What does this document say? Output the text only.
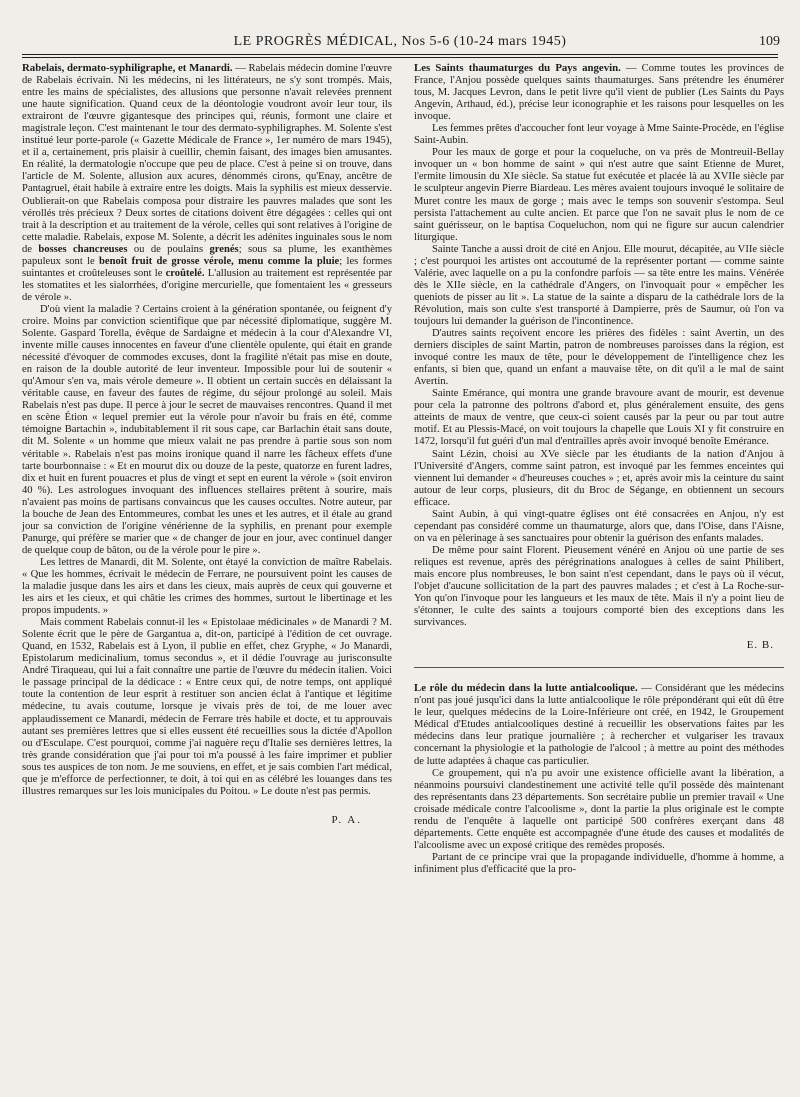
LE PROGRÈS MÉDICAL, Nos 5-6 (10-24 mars 1945)	109

Rabelais, dermato-syphiligraphe, et Manardi. — Rabelais médecin domine l'œuvre de Rabelais écrivain. Ni les médecins, ni les littérateurs, ne s'y sont trompés. Mais, entre les mains de spécialistes, des allusions que personne n'avait relevées prennent une haute signification. Quand ceux de la déontologie voudront avoir leur tour, ils extrairont de l'œuvre gigantesque des principes qui, réunis, formont une claire et magistrale leçon. C'est maintenant le tour des dermato-syphiligraphes. M. Solente s'est institué leur porte-parole (« Gazette Médicale de France », 1er numéro de mars 1945), et il a, certainement, pris plaisir à cueillir, chemin faisant, des images bien amusantes. En réalité, la dermatologie n'occupe que peu de place. C'est à peine si on trouve, dans l'article de M. Solente, allusion aux acures, dénommés cirons, qu'Enay, ancêtre de Pantagruel, était habile à extraire entre les doigts. Mais la syphilis est mieux desservie. Oublierait-on que Rabelais composa pour distraire les pauvres malades que sont les vérollés très précieux ? Deux sortes de citations doivent être dégagées : celles qui ont trait à la description et au traitement de la vérole, celles qui sont relatives à l'origine de cette maladie. Rabelais, expose M. Solente, a décrit les adénites inguinales sous le nom de bosses chancreuses ou de poulains grenés; sous sa plume, les exanthèmes papuleux sont le benoît fruit de grosse vérole, menu comme la pluie; les formes suintantes et croûteleuses sont le croûtelé. L'allusion au traitement est représentée par les stomatites et les sialorrhées, d'origine mercurielle, que fomentaient les « gresseurs de vérole ».

D'où vient la maladie ? Certains croient à la génération spontanée, ou feignent d'y croire. Moins par conviction scientifique que par nécessité diplomatique, suggère M. Solente. Gaspard Torella, évêque de Sardaigne et médecin à la cour d'Alexandre VI, invente mille causes innocentes en faveur d'une clientèle opulente, qui était en grande nécessité d'évoquer de commodes excuses, dont la fragilité n'était pas mise en doute, en raison de la double autorité de leur inventeur. Impossible pour lui de soutenir « qu'Amour s'en va, mais vérole demeure ». Il obtient un certain succès en délaissant la véritable cause, en faveur des fautes de régime, du séjour prolongé au soleil. Mais Rabelais n'est pas dupe. Il perce à jour le secret de mauvaises rencontres. Quand il met en scène Étion « lequel premier eut la vérole pour n'avoir bu frais en été, comme témoigne Bartachin », indubitablement il rit sous cape, car Barlachin était sans doute, dit M. Solente « un homme que mieux valait ne pas prendre à partie sous son nom véritable ». Rabelais n'est pas moins ironique quand il narre les fâcheux effets d'une tarte bourbonnaise : « Et en mourut dix ou douze de la peste, quatorze en furent ladres, dix et huit en furent pouacres et plus de vingt et sept en eurent la vérole » (soit environ 40 %). Les astrologues invoquant des influences stellaires prêtent à sourire, mais n'avaient pas moins de partisans convaincus que les causes occultes. Notre auteur, par la bouche de Jean des Entommeures, combat les unes et les autres, et il étale au grand jour sa conviction de l'origine vénérienne de la syphilis, en prenant pour exemple Panurge, qui préfère se marier que « de changer de jour en jour, avec continuel danger de quelque coup de bâton, ou de la vérole pour le pire ».

Les lettres de Manardi, dit M. Solente, ont étayé la conviction de maître Rabelais. « Que les hommes, écrivait le médecin de Ferrare, ne poursuivent point les causes de la maladie jusque dans les airs et dans les cieux, mais auprès de ceux qui gouverne et les airs et les cieux, et qui châtie les crimes des hommes, surtout le libertinage et les propos impudents. »

Mais comment Rabelais connut-il les « Epistolaae médicinales » de Manardi ? M. Solente écrit que le père de Gargantua a, dit-on, participé à l'édition de cet ouvrage. Quand, en 1532, Rabelais est à Lyon, il publie en effet, chez Gryphe, « Jo Manardi, Epistolarum medicinalium, tomus secondus », et il dédie l'ouvrage au jurisconsulte André Tiraqueau, qui lui a fait connaître une partie de l'œuvre du médecin italien. Voici le passage principal de la dédicace : « Entre ceux qui, de notre temps, ont appliqué toute la contention de leur esprit à restituer son ancien éclat à l'antique et légitime médecine, tu avais coutume, lorsque je vivais près de toi, de me louer avec applaudissement ce Manardi, médecin de Ferrare très habile et docte, et tu approuvais autant ses premières lettres que si elles eussent été recueillies sous la dictée d'Apollon ou d'Esculape. C'est pourquoi, comme j'ai naguère reçu d'Italie ses dernières lettres, la très grande considération que j'ai pour toi m'a poussé à les faire imprimer et publier sous tes auspices de ton nom. Je me souviens, en effet, et je sais combien l'art médical, que je m'efforce de perfectionner, te doit, à toi qui en as célébré les louanges dans tes illustres remarques sur les lois municipales du Poitou. » Le doute n'est pas permis.

P. A.

Les Saints thaumaturges du Pays angevin. — Comme toutes les provinces de France, l'Anjou possède quelques saints thaumaturges. Sans prétendre les énumérer tous, M. Jacques Levron, dans le petit livre qu'il vient de publier (Les Saints du Pays Angevin, Arthaud, éd.), précise leur iconographie et les raisons pour lesquelles on les invoque.

Les femmes prêtes d'accoucher font leur voyage à Mme Sainte-Procède, en l'église Saint-Aubin.

Pour les maux de gorge et pour la coqueluche, on va près de Montreuil-Bellay invoquer un « bon homme de saint » qui n'est autre que saint Etienne de Muret, l'ermite limousin du XIe siècle. Sa statue fut exécutée et placée là au XVIIe siècle par le sculpteur angevin Pierre Biardeau. Les mères avaient toujours invoqué le solitaire de Muret contre les maux de gorge ; mais avec le temps son souvenir s'estompa. Seul persista l'attachement au culte ancien. Et parce que l'on ne savait plus le nom de ce saint guérisseur, on le baptisa Coqueluchon, nom qui ne figure sur aucun calendrier liturgique.

Sainte Tanche a aussi droit de cité en Anjou. Elle mourut, décapitée, au VIIe siècle ; c'est pourquoi les artistes ont accoutumé de la représenter portant — comme sainte Valérie, avec laquelle on a pu la confondre parfois — sa tête entre les mains. Vénérée dès le XIIe siècle, en la cathédrale d'Angers, on l'invoquait pour « empêcher les queniots de pisser au lit ». La statue de la sainte a disparu de la cathédrale lors de la Révolution, mais son culte s'est transporté à Dampierre, près de Saumur, où l'on va toujours lui demander la guérison de l'incontinence.

D'autres saints reçoivent encore les prières des fidèles : saint Avertin, un des derniers disciples de saint Martin, patron de nombreuses paroisses dans la région, est invoqué contre les maux de tête, pour le développement de l'intelligence chez les enfants, si bien que, quand un enfant a mauvaise tête, on dit qu'il a le mal de saint Avertin.

Sainte Emérance, qui montra une grande bravoure avant de mourir, est devenue pour cela la patronne des poltrons d'abord et, plus généralement ensuite, des gens atteints de maux de ventre, que ceux-ci soient causés par la peur ou par tout autre motif. Et au Plessis-Macé, on voit toujours la chapelle que Louis XI y fit construire en 1472, lorsqu'il fut guéri d'un mal d'entrailles après avoir invoqué benoîte Emérance.

Saint Lézin, choisi au XVe siècle par les étudiants de la nation d'Anjou à l'Université d'Angers, comme saint patron, est invoqué par les femmes enceintes qui viennent lui demander « d'heureuses couches » ; et, après avoir mis la ceinture du saint autour de leur corps, plusieurs, dit du Broc de Ségange, en obtiennent un secours efficace.

Saint Aubin, à qui vingt-quatre églises ont été consacrées en Anjou, n'y est cependant pas considéré comme un thaumaturge, alors que, dans l'Oise, dans l'Aisne, on va en pèlerinage à ses sanctuaires pour obtenir la guérison des enfants malades.

De même pour saint Florent. Pieusement vénéré en Anjou où une partie de ses reliques est revenue, après des pérégrinations analogues à celles de saint Philibert, mais encore plus nombreuses, le bon saint n'est cependant, dans le pays où il vécut, l'objet d'aucune sollicitation de la part des pauvres malades ; et c'est à La Roche-sur-Yon qu'on l'invoque pour les langueurs et les maux de tête. Mais il n'y a point lieu de s'étonner, le culte des saints a toujours comporté bien des exceptions dans les survivances.

E. B.

Le rôle du médecin dans la lutte antialcoolique. — Considérant que les médecins n'ont pas joué jusqu'ici dans la lutte antialcoolique le rôle prépondérant qui eût dû être le leur, quelques médecins de la Loire-Inférieure ont créé, en 1942, le Groupement Médical d'Etudes antialcooliques destiné à recueillir les observations faites par les médecins dans leur pratique journalière ; à rechercher et vulgariser les travaux concernant la physiologie et la pathologie de l'alcool ; à mettre au point des méthodes de lutte adaptées à chaque cas particulier.

Ce groupement, qui n'a pu avoir une existence officielle avant la libération, a néanmoins poursuivi clandestinement une activité telle qu'il possède dès maintenant des représentants dans 23 départements. Son secrétaire publie un premier travail « Une croisade médicale contre l'alcoolisme », dont la partie la plus originale est le compte rendu de l'enquête à laquelle ont participé 500 confrères exerçant dans 48 départements. Cette enquête est accompagnée d'une étude des causes et modalités de l'alcoolisme avec un exposé critique des remèdes proposés.

Partant de ce principe vrai que la propagande individuelle, d'homme à homme, a infiniment plus d'efficacité que la pro-
